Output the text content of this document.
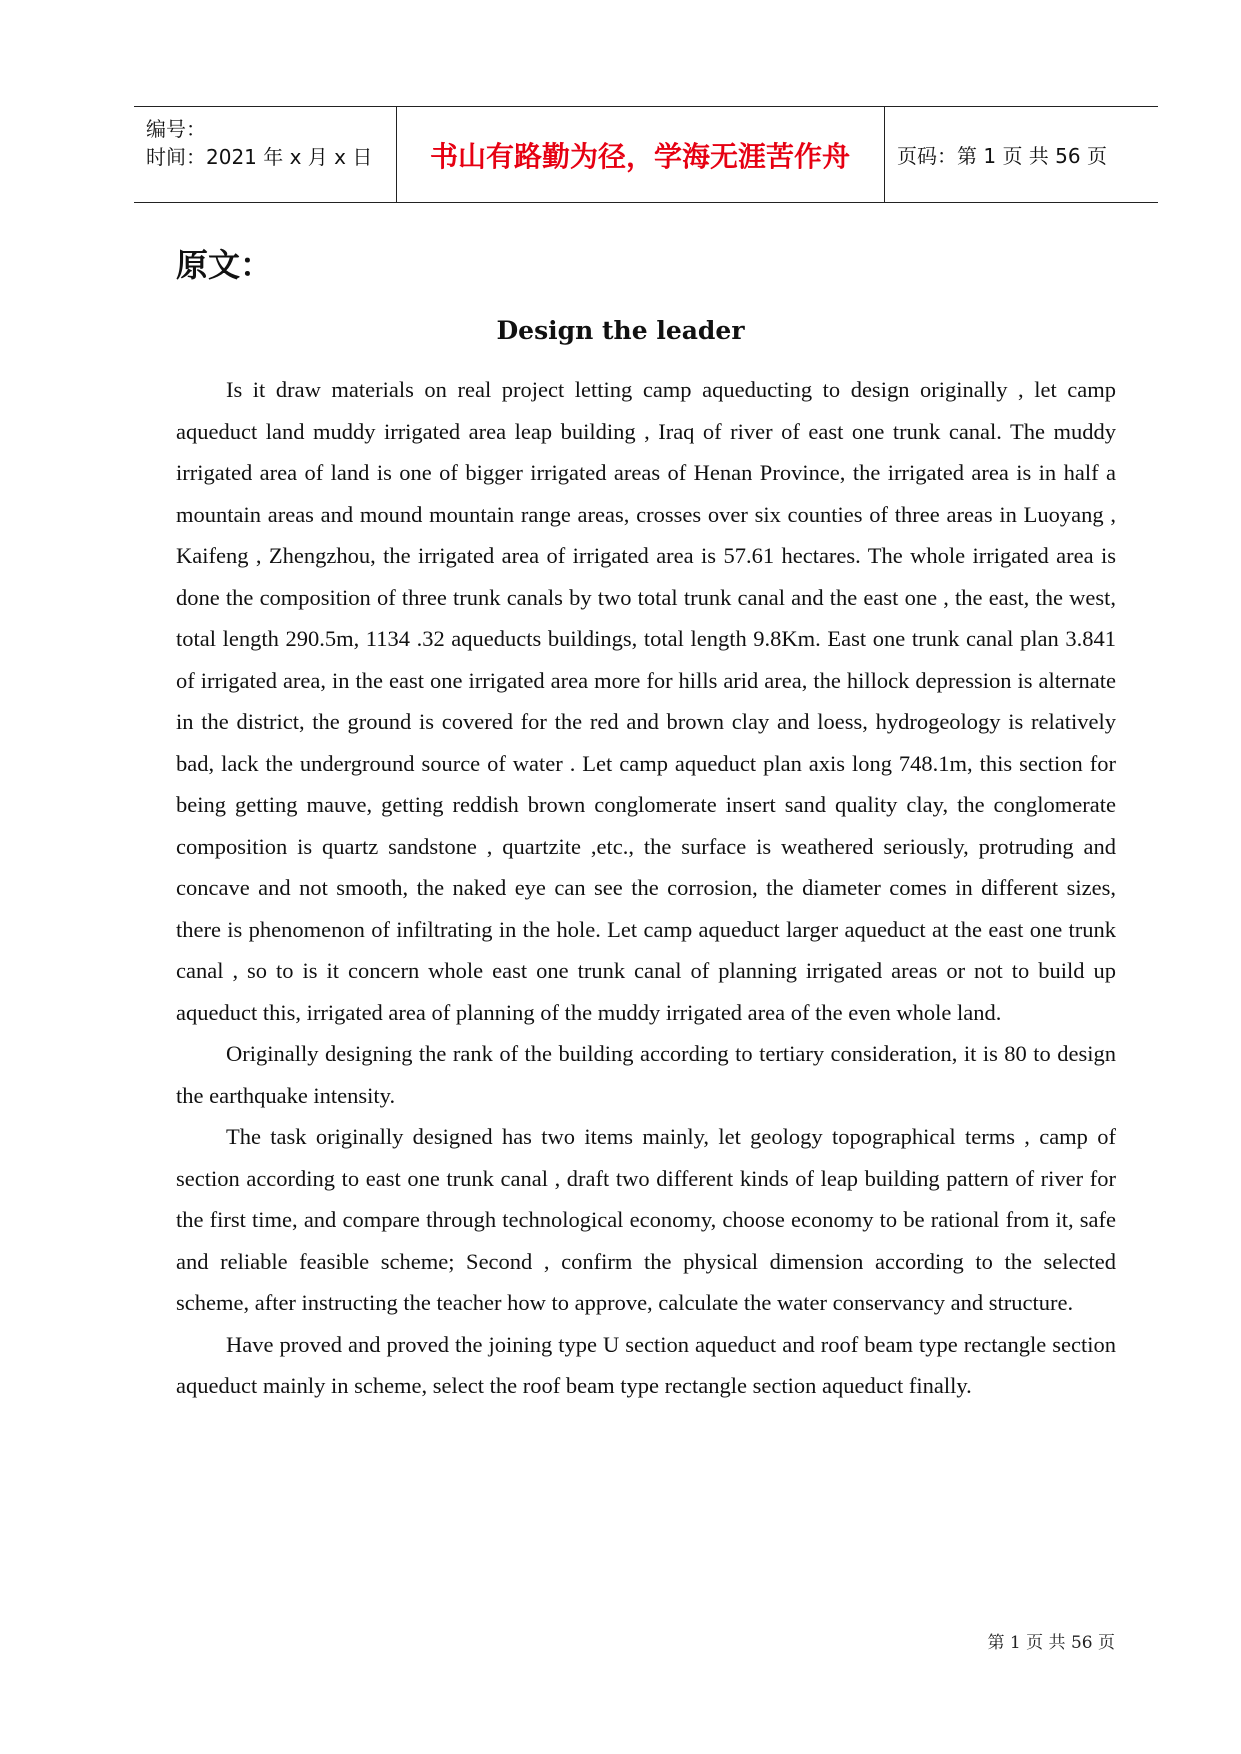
编号：
时间：2021 年 x 月 x 日 书山有路勤为径，学海无涯苦作舟 页码：第 1 页 共 56 页
原文：
Design the leader

Is it draw materials on real project letting camp aqueducting to design originally , let camp aqueduct land muddy irrigated area leap building , Iraq of river of east one trunk canal. The muddy irrigated area of land is one of bigger irrigated areas of Henan Province, the irrigated area is in half a mountain areas and mound mountain range areas, crosses over six counties of three areas in Luoyang , Kaifeng , Zhengzhou, the irrigated area of irrigated area is 57.61 hectares. The whole irrigated area is done the composition of three trunk canals by two total trunk canal and the east one , the east, the west, total length 290.5m, 1134 .32 aqueducts buildings, total length 9.8Km. East one trunk canal plan 3.841 of irrigated area, in the east one irrigated area more for hills arid area, the hillock depression is alternate in the district, the ground is covered for the red and brown clay and loess, hydrogeology is relatively bad, lack the underground source of water . Let camp aqueduct plan axis long 748.1m, this section for being getting mauve, getting reddish brown conglomerate insert sand quality clay, the conglomerate composition is quartz sandstone , quartzite ,etc., the surface is weathered seriously, protruding and concave and not smooth, the naked eye can see the corrosion, the diameter comes in different sizes, there is phenomenon of infiltrating in the hole. Let camp aqueduct larger aqueduct at the east one trunk canal , so to is it concern whole east one trunk canal of planning irrigated areas or not to build up aqueduct this, irrigated area of planning of the muddy irrigated area of the even whole land.

Originally designing the rank of the building according to tertiary consideration, it is 80 to design the earthquake intensity.

The task originally designed has two items mainly, let geology topographical terms , camp of section according to east one trunk canal , draft two different kinds of leap building pattern of river for the first time, and compare through technological economy, choose economy to be rational from it, safe and reliable feasible scheme; Second , confirm the physical dimension according to the selected scheme, after instructing the teacher how to approve, calculate the water conservancy and structure.

Have proved and proved the joining type U section aqueduct and roof beam type rectangle section aqueduct mainly in scheme, select the roof beam type rectangle section aqueduct finally.

第 1 页 共 56 页
